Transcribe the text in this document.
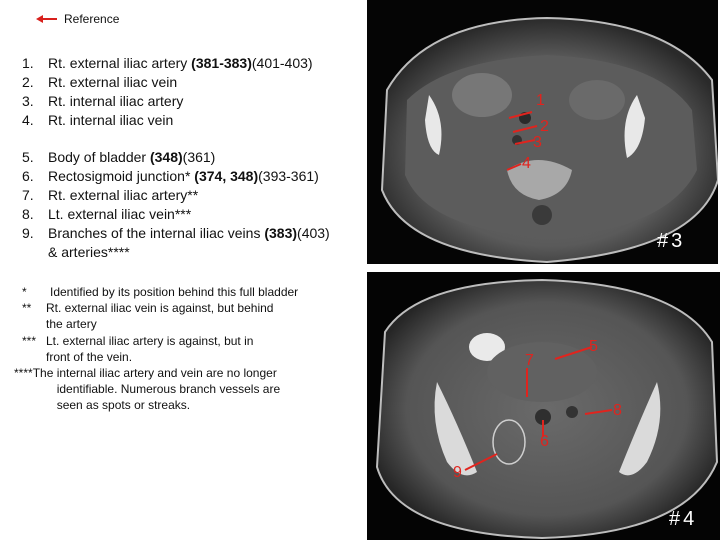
Reference
1.	Rt. external iliac artery (381-383) (401-403)
2.	Rt. external iliac vein
3.	Rt. internal iliac artery
4.	Rt. internal iliac vein
5.	Body of bladder (348) (361)
6.	Rectosigmoid junction* (374, 348) (393-361)
7.	Rt. external iliac artery**
8.	Lt. external iliac vein***
9.	Branches of the internal iliac veins (383) (403)
& arteries****
*	Identified by its position behind this full bladder
**	Rt. external iliac vein is against, but behind
the artery
*** Lt. external iliac artery is against, but in
front of the vein.
**** The internal iliac artery and vein are no longer
identifiable. Numerous branch vessels are
seen as spots or streaks.
1
2
3
4
#3
5
7
8
6
9
#4
